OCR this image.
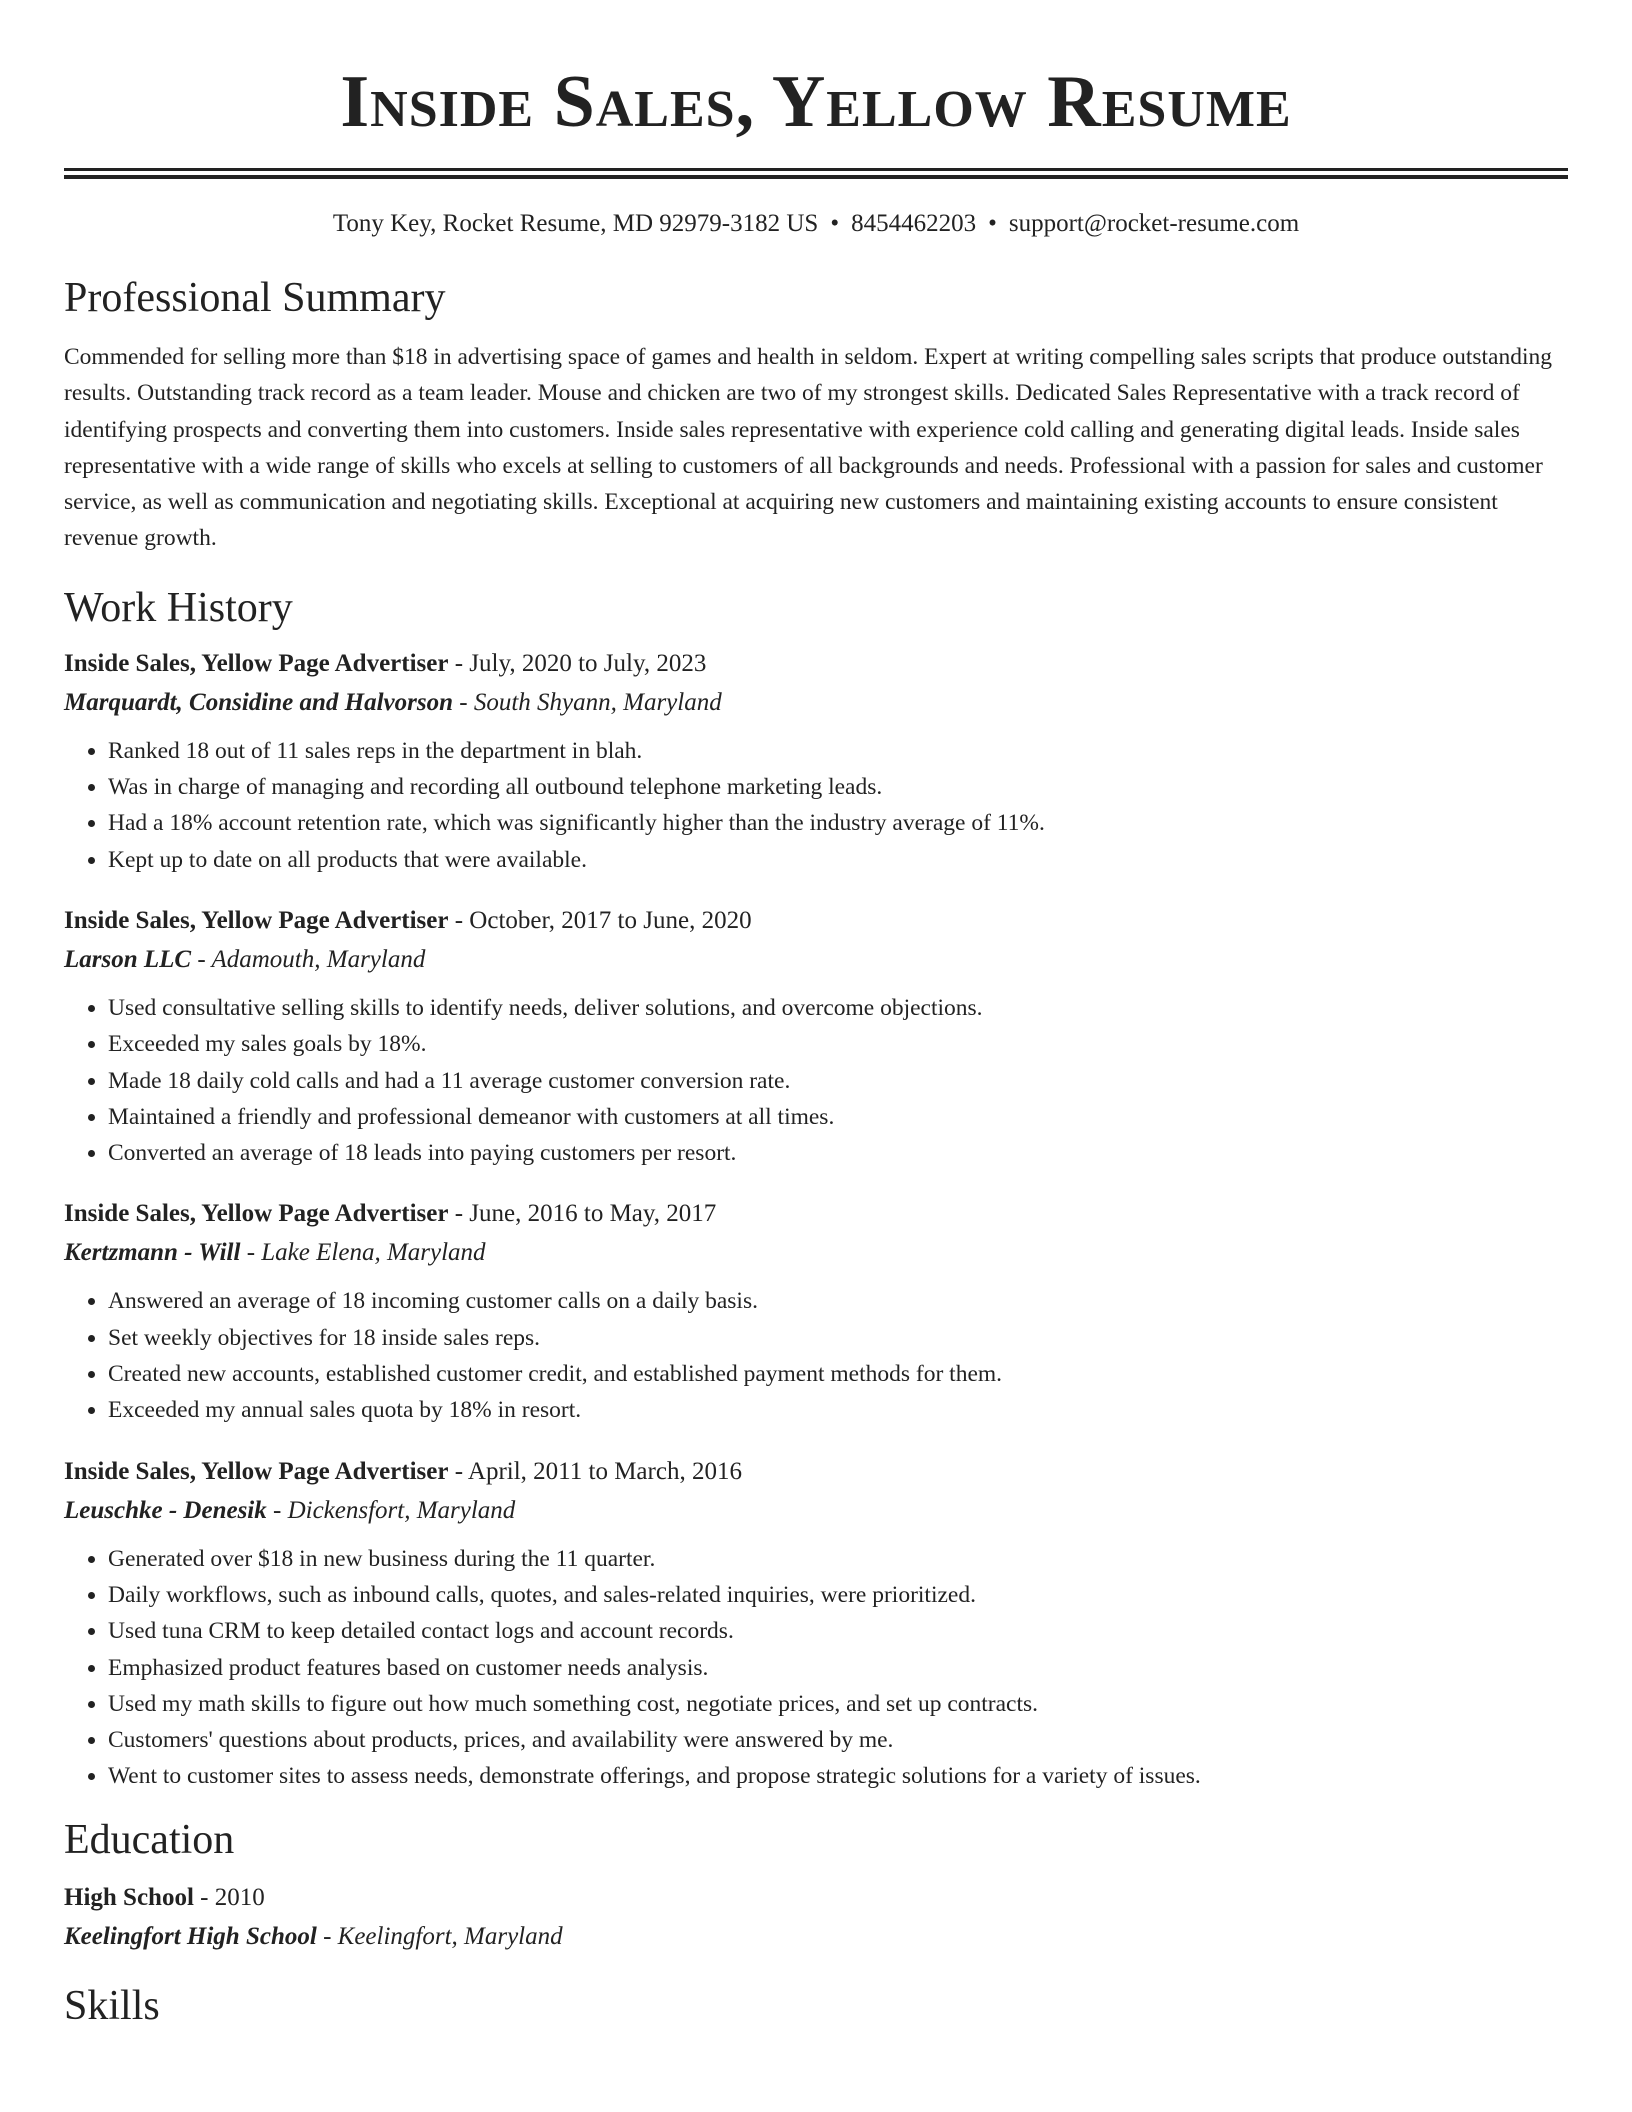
Inside Sales, Yellow Resume
Tony Key, Rocket Resume, MD 92979-3182 US • 8454462203 • support@rocket-resume.com
Professional Summary
Commended for selling more than $18 in advertising space of games and health in seldom. Expert at writing compelling sales scripts that produce outstanding results. Outstanding track record as a team leader. Mouse and chicken are two of my strongest skills. Dedicated Sales Representative with a track record of identifying prospects and converting them into customers. Inside sales representative with experience cold calling and generating digital leads. Inside sales representative with a wide range of skills who excels at selling to customers of all backgrounds and needs. Professional with a passion for sales and customer service, as well as communication and negotiating skills. Exceptional at acquiring new customers and maintaining existing accounts to ensure consistent revenue growth.
Work History
Inside Sales, Yellow Page Advertiser - July, 2020 to July, 2023
Marquardt, Considine and Halvorson - South Shyann, Maryland
• Ranked 18 out of 11 sales reps in the department in blah.
• Was in charge of managing and recording all outbound telephone marketing leads.
• Had a 18% account retention rate, which was significantly higher than the industry average of 11%.
• Kept up to date on all products that were available.
Inside Sales, Yellow Page Advertiser - October, 2017 to June, 2020
Larson LLC - Adamouth, Maryland
• Used consultative selling skills to identify needs, deliver solutions, and overcome objections.
• Exceeded my sales goals by 18%.
• Made 18 daily cold calls and had a 11 average customer conversion rate.
• Maintained a friendly and professional demeanor with customers at all times.
• Converted an average of 18 leads into paying customers per resort.
Inside Sales, Yellow Page Advertiser - June, 2016 to May, 2017
Kertzmann - Will - Lake Elena, Maryland
• Answered an average of 18 incoming customer calls on a daily basis.
• Set weekly objectives for 18 inside sales reps.
• Created new accounts, established customer credit, and established payment methods for them.
• Exceeded my annual sales quota by 18% in resort.
Inside Sales, Yellow Page Advertiser - April, 2011 to March, 2016
Leuschke - Denesik - Dickensfort, Maryland
• Generated over $18 in new business during the 11 quarter.
• Daily workflows, such as inbound calls, quotes, and sales-related inquiries, were prioritized.
• Used tuna CRM to keep detailed contact logs and account records.
• Emphasized product features based on customer needs analysis.
• Used my math skills to figure out how much something cost, negotiate prices, and set up contracts.
• Customers' questions about products, prices, and availability were answered by me.
• Went to customer sites to assess needs, demonstrate offerings, and propose strategic solutions for a variety of issues.
Education
High School - 2010
Keelingfort High School - Keelingfort, Maryland
Skills
